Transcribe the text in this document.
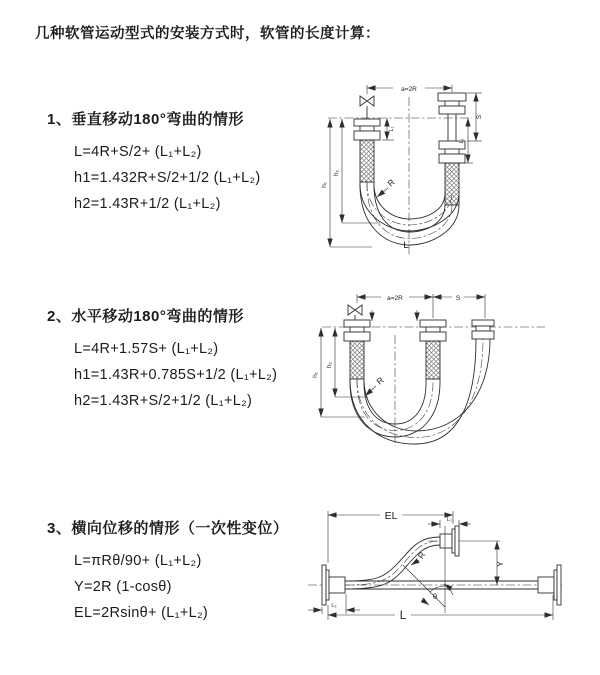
几种软管运动型式的安装方式时，软管的长度计算：
1、垂直移动180°弯曲的情形
L=4R+S/2+ (L₁+L₂)
h1=1.432R+S/2+1/2 (L₁+L₂)
h2=1.43R+1/2 (L₁+L₂)
2、水平移动180°弯曲的情形
L=4R+1.57S+ (L₁+L₂)
h1=1.43R+0.785S+1/2 (L₁+L₂)
h2=1.43R+S/2+1/2 (L₁+L₂)
3、横向位移的情形（一次性变位）
L=πRθ/90+ (L₁+L₂)
Y=2R (1-cosθ)
EL=2Rsinθ+ (L₁+L₂)
a=2R
h₁
h₂
L₁
S
L₁
R
L
a=2R	S
h₁
h₂
R
EL	L₁
Y
θ
R
L₂
L
